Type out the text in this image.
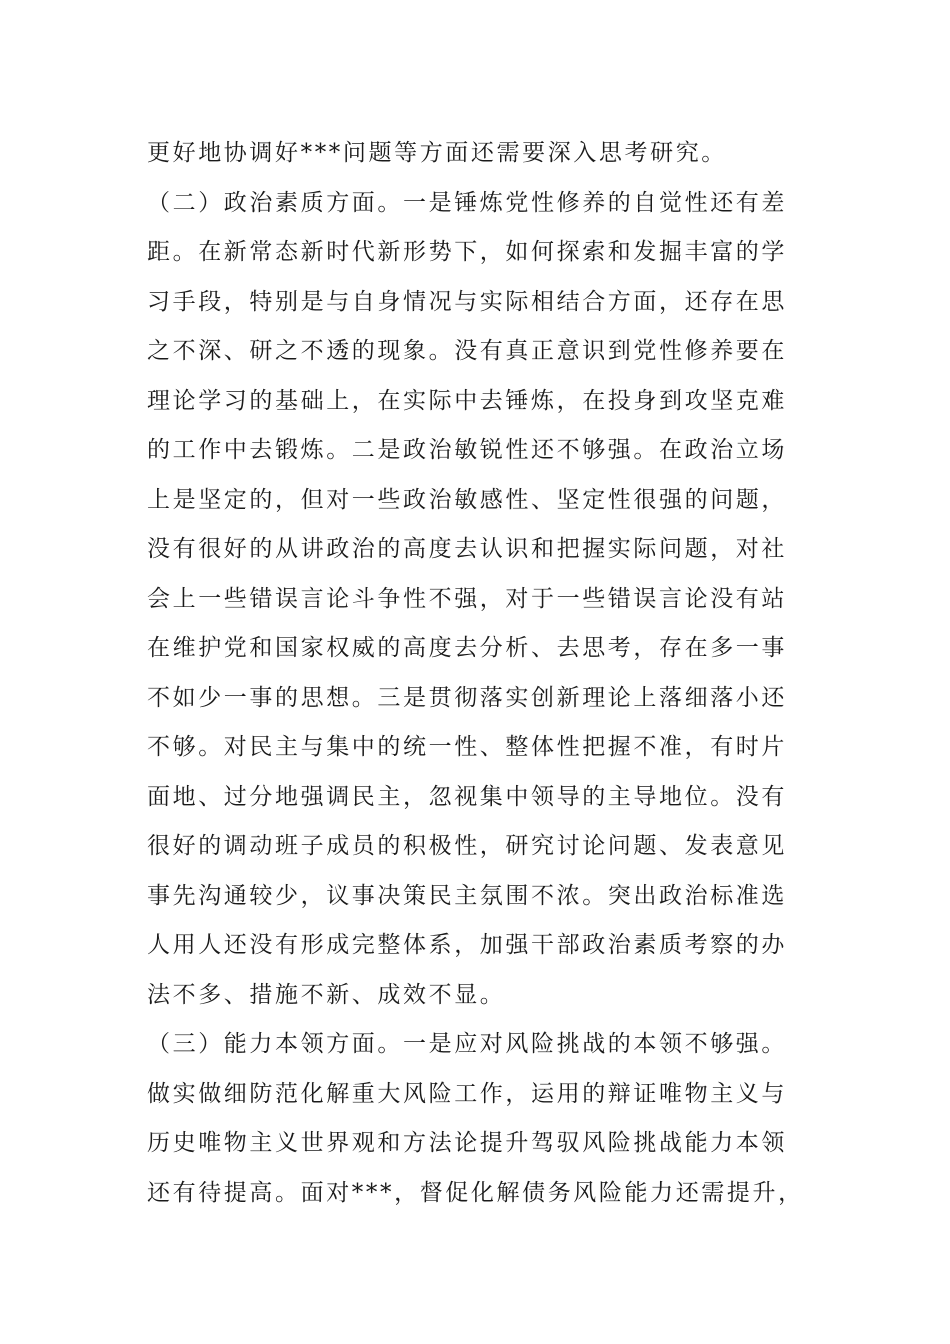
更好地协调好***问题等方面还需要深入思考研究。
（二）政治素质方面。一是锤炼党性修养的自觉性还有差
距。在新常态新时代新形势下，如何探索和发掘丰富的学
习手段，特别是与自身情况与实际相结合方面，还存在思
之不深、研之不透的现象。没有真正意识到党性修养要在
理论学习的基础上，在实际中去锤炼，在投身到攻坚克难
的工作中去锻炼。二是政治敏锐性还不够强。在政治立场
上是坚定的，但对一些政治敏感性、坚定性很强的问题，
没有很好的从讲政治的高度去认识和把握实际问题，对社
会上一些错误言论斗争性不强，对于一些错误言论没有站
在维护党和国家权威的高度去分析、去思考，存在多一事
不如少一事的思想。三是贯彻落实创新理论上落细落小还
不够。对民主与集中的统一性、整体性把握不准，有时片
面地、过分地强调民主，忽视集中领导的主导地位。没有
很好的调动班子成员的积极性，研究讨论问题、发表意见
事先沟通较少，议事决策民主氛围不浓。突出政治标准选
人用人还没有形成完整体系，加强干部政治素质考察的办
法不多、措施不新、成效不显。
（三）能力本领方面。一是应对风险挑战的本领不够强。
做实做细防范化解重大风险工作，运用的辩证唯物主义与
历史唯物主义世界观和方法论提升驾驭风险挑战能力本领
还有待提高。面对***，督促化解债务风险能力还需提升，
